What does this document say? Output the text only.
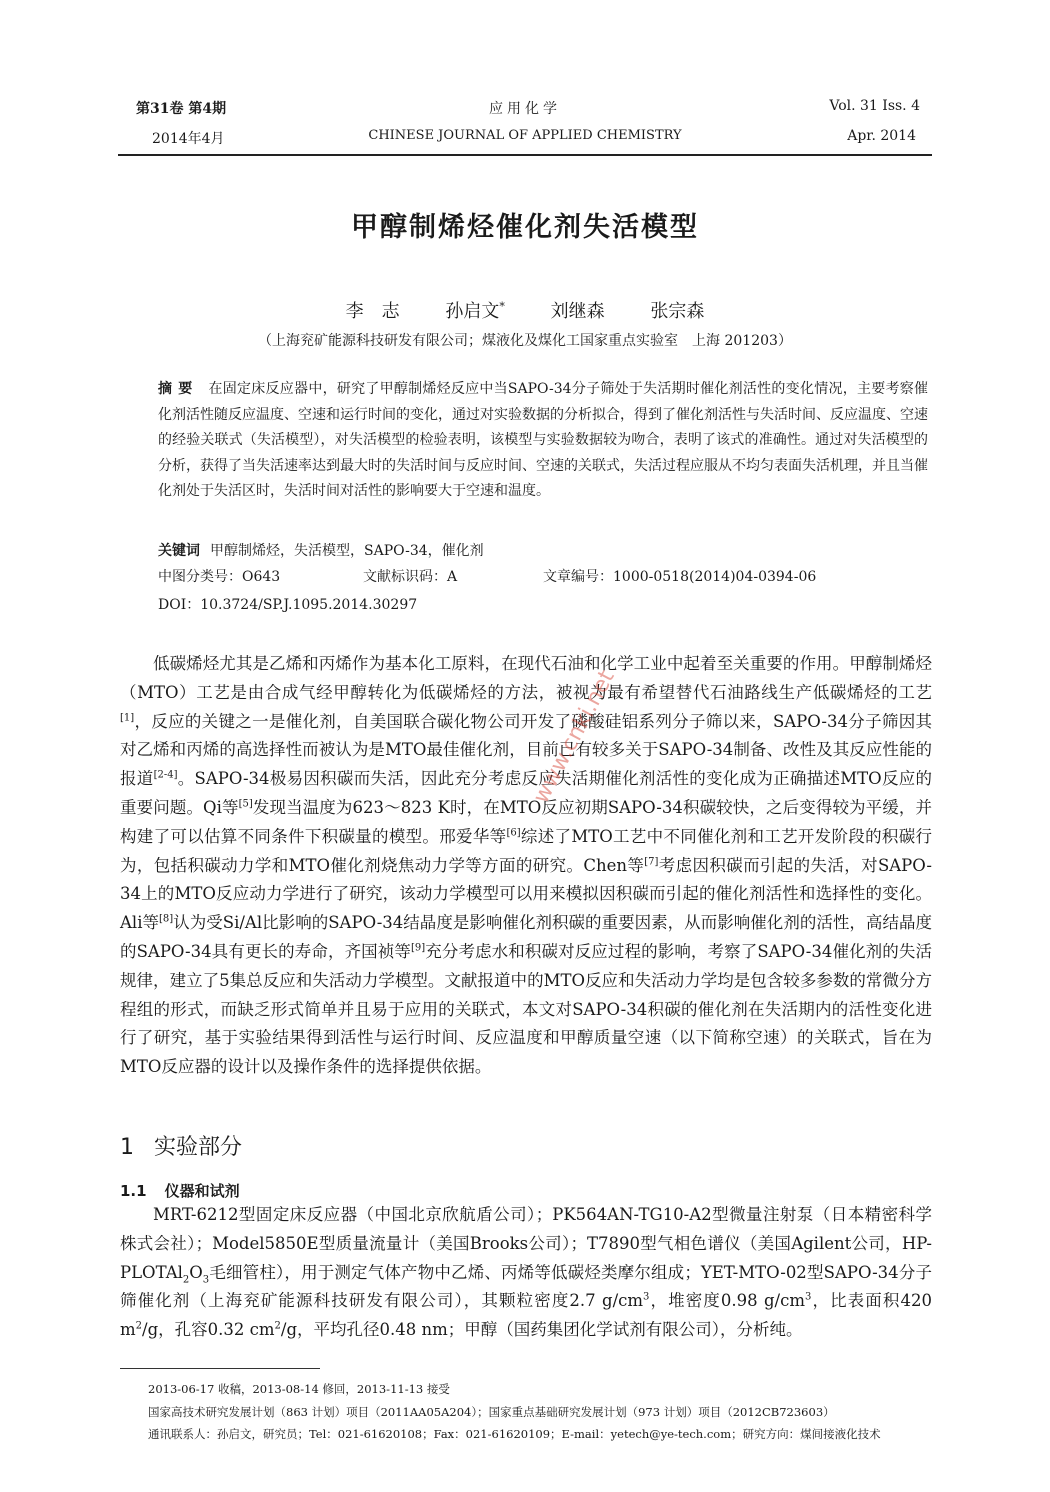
第31卷 第4期
2014年4月
应用化学
CHINESE JOURNAL OF APPLIED CHEMISTRY
Vol. 31 Iss. 4
Apr. 2014
甲醇制烯烃催化剂失活模型
李　志	孙启文*	刘继森	张宗森
（上海兖矿能源科技研发有限公司；煤液化及煤化工国家重点实验室　上海 201203）
摘要 在固定床反应器中，研究了甲醇制烯烃反应中当SAPO-34分子筛处于失活期时催化剂活性的变化情况，主要考察催化剂活性随反应温度、空速和运行时间的变化，通过对实验数据的分析拟合，得到了催化剂活性与失活时间、反应温度、空速的经验关联式（失活模型），对失活模型的检验表明，该模型与实验数据较为吻合，表明了该式的准确性。通过对失活模型的分析，获得了当失活速率达到最大时的失活时间与反应时间、空速的关联式，失活过程应服从不均匀表面失活机理，并且当催化剂处于失活区时，失活时间对活性的影响要大于空速和温度。
关键词 甲醇制烯烃，失活模型，SAPO-34，催化剂
中图分类号：O643	文献标识码：A	文章编号：1000-0518(2014)04-0394-06
DOI：10.3724/SP.J.1095.2014.30297

低碳烯烃尤其是乙烯和丙烯作为基本化工原料，在现代石油和化学工业中起着至关重要的作用。甲醇制烯烃（MTO）工艺是由合成气经甲醇转化为低碳烯烃的方法，被视为最有希望替代石油路线生产低碳烯烃的工艺[1]，反应的关键之一是催化剂，自美国联合碳化物公司开发了磷酸硅铝系列分子筛以来，SAPO-34分子筛因其对乙烯和丙烯的高选择性而被认为是MTO最佳催化剂，目前已有较多关于SAPO-34制备、改性及其反应性能的报道[2-4]。SAPO-34极易因积碳而失活，因此充分考虑反应失活期催化剂活性的变化成为正确描述MTO反应的重要问题。Qi等[5]发现当温度为623～823 K时，在MTO反应初期SAPO-34积碳较快，之后变得较为平缓，并构建了可以估算不同条件下积碳量的模型。邢爱华等[6]综述了MTO工艺中不同催化剂和工艺开发阶段的积碳行为，包括积碳动力学和MTO催化剂烧焦动力学等方面的研究。Chen等[7]考虑因积碳而引起的失活，对SAPO-34上的MTO反应动力学进行了研究，该动力学模型可以用来模拟因积碳而引起的催化剂活性和选择性的变化。Ali等[8]认为受Si/Al比影响的SAPO-34结晶度是影响催化剂积碳的重要因素，从而影响催化剂的活性，高结晶度的SAPO-34具有更长的寿命，齐国祯等[9]充分考虑水和积碳对反应过程的影响，考察了SAPO-34催化剂的失活规律，建立了5集总反应和失活动力学模型。文献报道中的MTO反应和失活动力学均是包含较多参数的常微分方程组的形式，而缺乏形式简单并且易于应用的关联式，本文对SAPO-34积碳的催化剂在失活期内的活性变化进行了研究，基于实验结果得到活性与运行时间、反应温度和甲醇质量空速（以下简称空速）的关联式，旨在为MTO反应器的设计以及操作条件的选择提供依据。

1 实验部分
1.1 仪器和试剂

MRT-6212型固定床反应器（中国北京欣航盾公司）；PK564AN-TG10-A2型微量注射泵（日本精密科学株式会社）；Model5850E型质量流量计（美国Brooks公司）；T7890型气相色谱仪（美国Agilent公司，$HP-PLOTAl_2O_3$毛细管柱），用于测定气体产物中乙烯、丙烯等低碳烃类摩尔组成；YET-MTO-02型SAPO-34分子筛催化剂（上海兖矿能源科技研发有限公司），其颗粒密度2.7 $g/cm^3$，堆密度0.98 $g/cm^3$，比表面积420 $m^2/g$，孔容0.32 $cm^2/g$，平均孔径0.48 nm；甲醇（国药集团化学试剂有限公司），分析纯。

2013-06-17 收稿，2013-08-14 修回，2013-11-13 接受
国家高技术研究发展计划（863 计划）项目（2011AA05A204）；国家重点基础研究发展计划（973 计划）项目（2012CB723603）
通讯联系人：孙启文，研究员；Tel：021-61620108；Fax：021-61620109；E-mail：yetech@ye-tech.com；研究方向：煤间接液化技术
www.cnki.net
